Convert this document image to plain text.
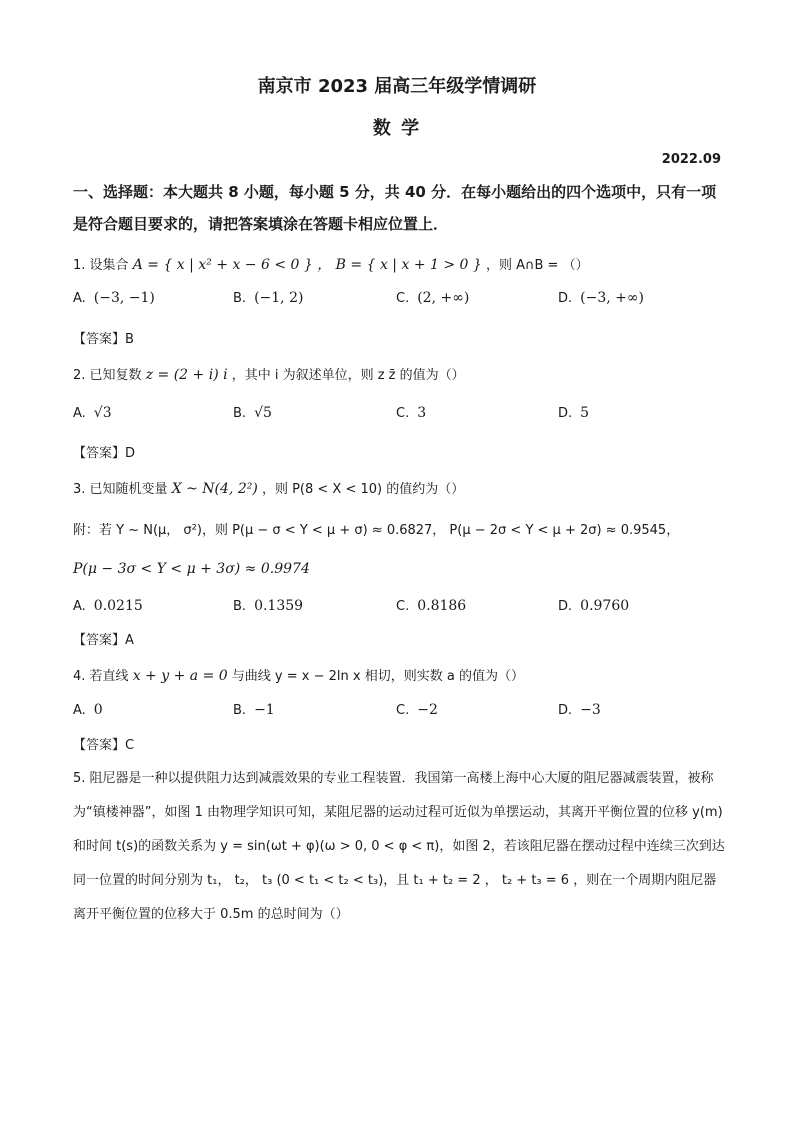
南京市 2023 届高三年级学情调研
数 学
2022.09
一、选择题：本大题共 8 小题，每小题 5 分，共 40 分．在每小题给出的四个选项中，只有一项是符合题目要求的，请把答案填涂在答题卡相应位置上．
1. 设集合 A = { x | x² + x − 6 < 0 } ， B = { x | x + 1 > 0 } ，则 A∩B = （）
A. (−3, −1)	B. (−1, 2)	C. (2, +∞)	D. (−3, +∞)
【答案】B
2. 已知复数 z = (2 + i) i ，其中 i 为叙述单位，则 z z̄ 的值为（）
A. √3	B. √5	C. 3	D. 5
【答案】D
3. 已知随机变量 X ~ N(4, 2²) ，则 P(8 < X < 10) 的值约为（）
附：若 Y ~ N(μ， σ²)，则 P(μ − σ < Y < μ + σ) ≈ 0.6827， P(μ − 2σ < Y < μ + 2σ) ≈ 0.9545，
P(μ − 3σ < Y < μ + 3σ) ≈ 0.9974
A. 0.0215	B. 0.1359	C. 0.8186	D. 0.9760
【答案】A
4. 若直线 x + y + a = 0 与曲线 y = x − 2ln x 相切，则实数 a 的值为（）
A. 0	B. −1	C. −2	D. −3
【答案】C
5. 阻尼器是一种以提供阻力达到减震效果的专业工程装置．我国第一高楼上海中心大厦的阻尼器减震装置，被称为“镇楼神器”，如图 1 由物理学知识可知，某阻尼器的运动过程可近似为单摆运动，其离开平衡位置的位移 y(m)和时间 t(s)的函数关系为 y = sin(ωt + φ)(ω > 0, 0 < φ < π)，如图 2，若该阻尼器在摆动过程中连续三次到达同一位置的时间分别为 t₁， t₂， t₃ (0 < t₁ < t₂ < t₃)，且 t₁ + t₂ = 2 ， t₂ + t₃ = 6 ，则在一个周期内阻尼器离开平衡位置的位移大于 0.5m 的总时间为（）
